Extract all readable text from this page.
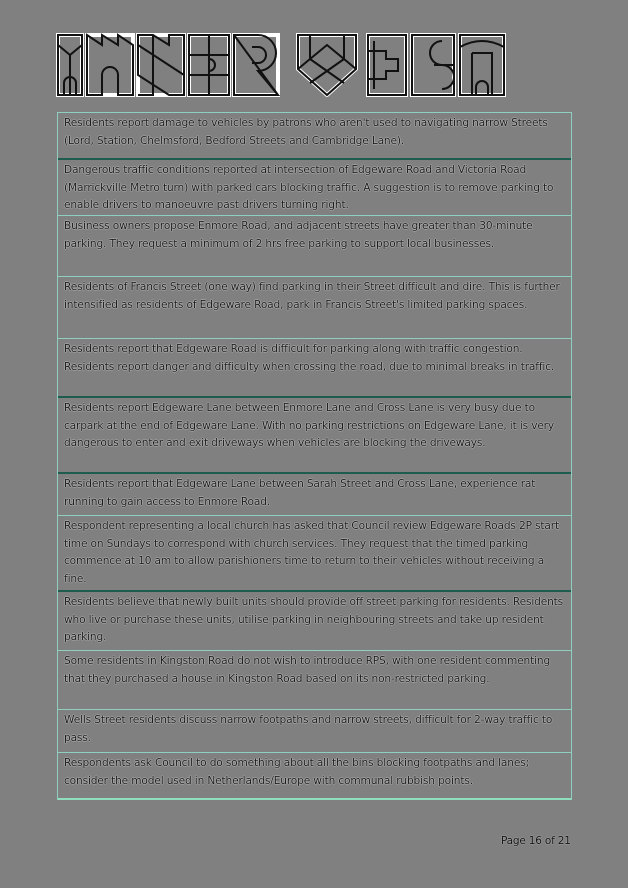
Residents report damage to vehicles by patrons who aren't used to navigating narrow Streets (Lord, Station, Chelmsford, Bedford Streets and Cambridge Lane).
Dangerous traffic conditions reported at intersection of Edgeware Road and Victoria Road (Marrickville Metro turn) with parked cars blocking traffic. A suggestion is to remove parking to enable drivers to manoeuvre past drivers turning right.
Business owners propose Enmore Road, and adjacent streets have greater than 30-minute parking. They request a minimum of 2 hrs free parking to support local businesses.
Residents of Francis Street (one way) find parking in their Street difficult and dire. This is further intensified as residents of Edgeware Road, park in Francis Street's limited parking spaces.
Residents report that Edgeware Road is difficult for parking along with traffic congestion. Residents report danger and difficulty when crossing the road, due to minimal breaks in traffic.
Residents report Edgeware Lane between Enmore Lane and Cross Lane is very busy due to carpark at the end of Edgeware Lane. With no parking restrictions on Edgeware Lane, it is very dangerous to enter and exit driveways when vehicles are blocking the driveways.
Residents report that Edgeware Lane between Sarah Street and Cross Lane, experience rat running to gain access to Enmore Road.
Respondent representing a local church has asked that Council review Edgeware Roads 2P start time on Sundays to correspond with church services. They request that the timed parking commence at 10 am to allow parishioners time to return to their vehicles without receiving a fine.
Residents believe that newly built units should provide off street parking for residents. Residents who live or purchase these units, utilise parking in neighbouring streets and take up resident parking.
Some residents in Kingston Road do not wish to introduce RPS, with one resident commenting that they purchased a house in Kingston Road based on its non-restricted parking.
Wells Street residents discuss narrow footpaths and narrow streets, difficult for 2-way traffic to pass.
Respondents ask Council to do something about all the bins blocking footpaths and lanes; consider the model used in Netherlands/Europe with communal rubbish points.
Page 16 of 21
